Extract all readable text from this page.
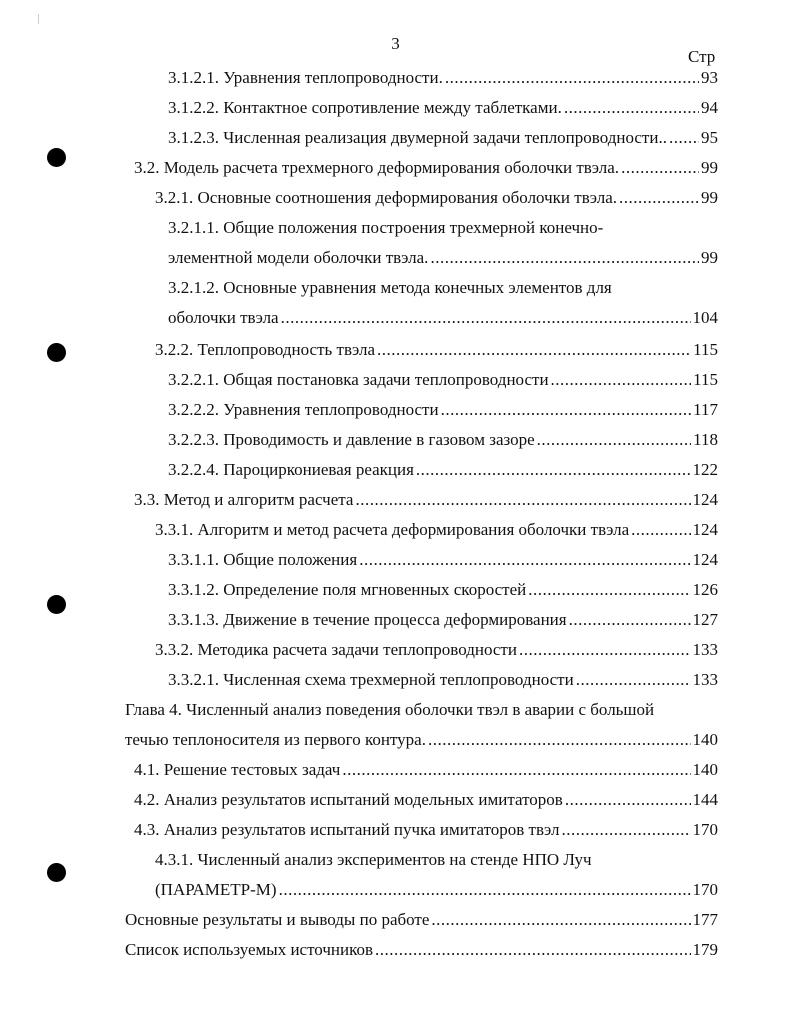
3
Стр
3.1.2.1. Уравнения теплопроводности. .....	93
3.1.2.2. Контактное сопротивление между таблетками. .....	94
3.1.2.3. Численная реализация двумерной задачи теплопроводности.. ..... 95
3.2. Модель расчета трехмерного деформирования оболочки твэла. .....	99
3.2.1. Основные соотношения деформирования оболочки твэла. .....	99
3.2.1.1. Общие положения построения трехмерной конечно-
элементной модели оболочки твэла. .....	99
3.2.1.2. Основные уравнения метода конечных элементов для
оболочки твэла .....	104
3.2.2. Теплопроводность твэла .....	115
3.2.2.1. Общая постановка задачи теплопроводности .....	115
3.2.2.2. Уравнения теплопроводности .....	117
3.2.2.3. Проводимость и давление в газовом зазоре .....	118
3.2.2.4. Пароциркониевая реакция .....	122
3.3. Метод и алгоритм расчета .....	124
3.3.1. Алгоритм и метод расчета деформирования оболочки твэла .....	124
3.3.1.1. Общие положения .....	124
3.3.1.2. Определение поля мгновенных скоростей .....	126
3.3.1.3. Движение в течение процесса деформирования .....	127
3.3.2. Методика расчета задачи теплопроводности .....	133
3.3.2.1. Численная схема трехмерной теплопроводности .....	133
Глава 4. Численный анализ поведения оболочки твэл в аварии с большой
течью теплоносителя из первого контура. .....	140
4.1. Решение тестовых задач .....	140
4.2. Анализ результатов испытаний модельных имитаторов .....	144
4.3. Анализ результатов испытаний пучка имитаторов твэл .....	170
4.3.1. Численный анализ экспериментов на стенде НПО Луч
(ПАРАМЕТР-М) .....	170
Основные результаты и выводы по работе .....	177
Список используемых источников .....	179
